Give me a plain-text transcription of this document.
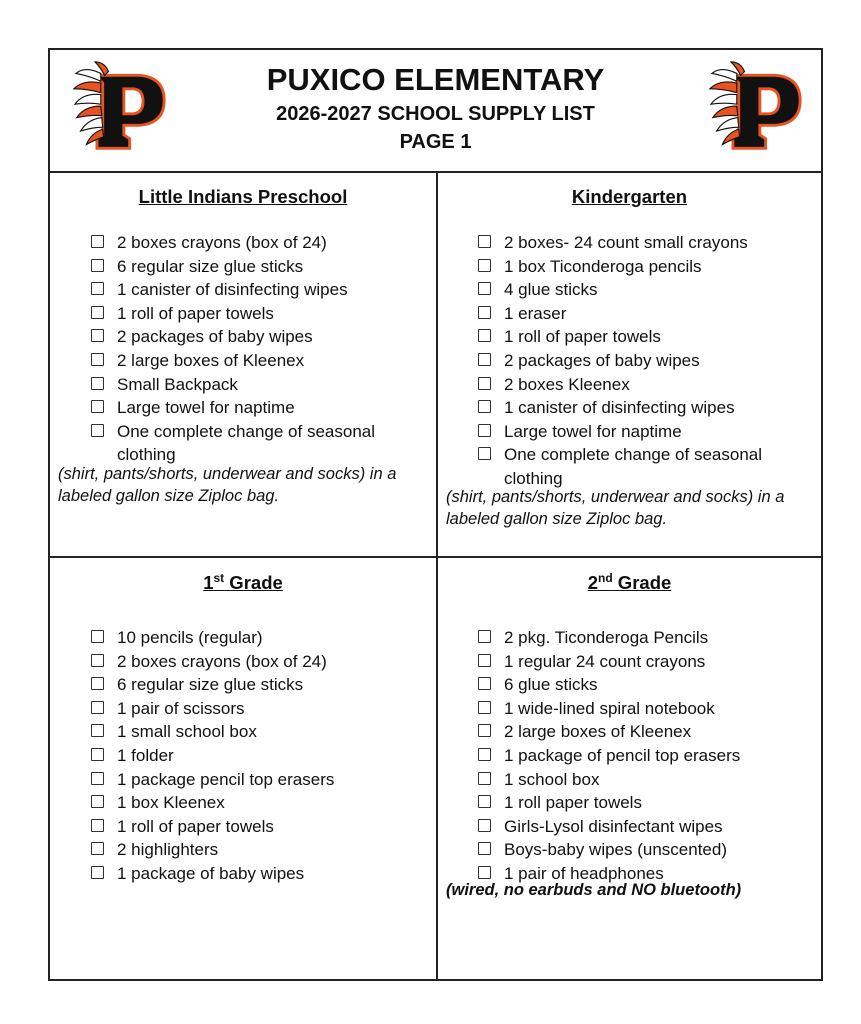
PUXICO ELEMENTARY
2026-2027 SCHOOL SUPPLY LIST
PAGE 1
Little Indians Preschool
2 boxes crayons (box of 24)
6 regular size glue sticks
1 canister of disinfecting wipes
1 roll of paper towels
2 packages of baby wipes
2 large boxes of Kleenex
Small Backpack
Large towel for naptime
One complete change of seasonal clothing
(shirt, pants/shorts, underwear and socks) in a labeled gallon size Ziploc bag.
Kindergarten
2 boxes- 24 count small crayons
1 box Ticonderoga pencils
4 glue sticks
1 eraser
1 roll of paper towels
2 packages of baby wipes
2 boxes Kleenex
1 canister of disinfecting wipes
Large towel for naptime
One complete change of seasonal clothing
(shirt, pants/shorts, underwear and socks) in a labeled gallon size Ziploc bag.
1st Grade
10 pencils (regular)
2 boxes crayons (box of 24)
6 regular size glue sticks
1 pair of scissors
1 small school box
1 folder
1 package pencil top erasers
1 box Kleenex
1 roll of paper towels
2 highlighters
1 package of baby wipes
2nd Grade
2 pkg. Ticonderoga Pencils
1 regular 24 count crayons
6 glue sticks
1 wide-lined spiral notebook
2 large boxes of Kleenex
1 package of pencil top erasers
1 school box
1 roll paper towels
Girls-Lysol disinfectant wipes
Boys-baby wipes (unscented)
1 pair of headphones
(wired, no earbuds and NO bluetooth)
